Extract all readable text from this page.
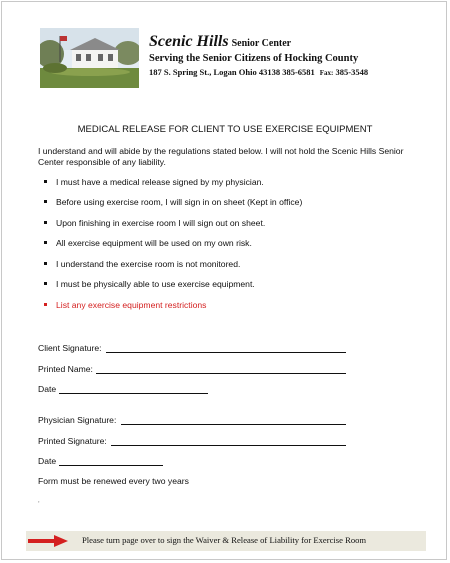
Scenic Hills Senior Center
Serving the Senior Citizens of Hocking County
187 S. Spring St., Logan Ohio 43138 385-6581 Fax: 385-3548
MEDICAL RELEASE FOR CLIENT TO USE EXERCISE EQUIPMENT
I understand and will abide by the regulations stated below. I will not hold the Scenic Hills Senior Center responsible of any liability.
I must have a medical release signed by my physician.
Before using exercise room, I will sign in on sheet (Kept in office)
Upon finishing in exercise room I will sign out on sheet.
All exercise equipment will be used on my own risk.
I understand the exercise room is not monitored.
I must be physically able to use exercise equipment.
List any exercise equipment restrictions
Client Signature:
Printed Name:
Date
Physician Signature:
Printed Signature:
Date
Form must be renewed every two years
,
Please turn page over to sign the Waiver & Release of Liability for Exercise Room
